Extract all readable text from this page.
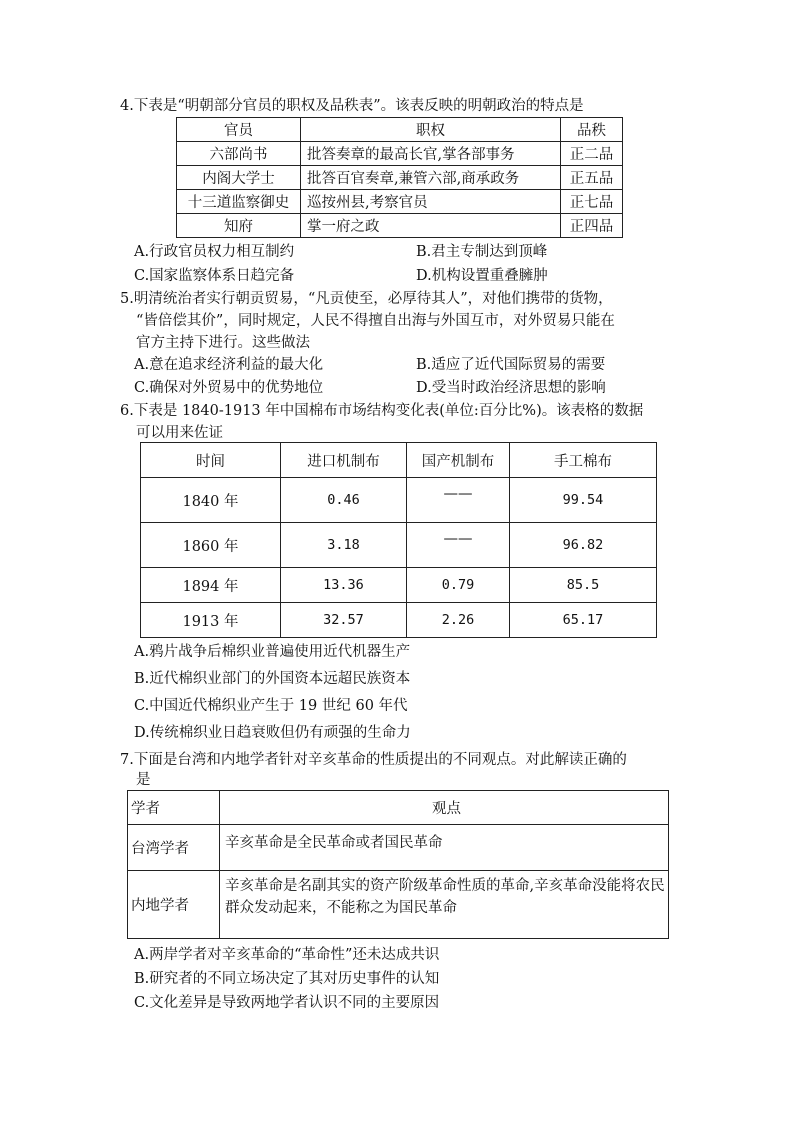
4.下表是“明朝部分官员的职权及品秩表”。该表反映的明朝政治的特点是
官员	职权	品秩
六部尚书	批答奏章的最高长官,掌各部事务	正二品
内阁大学士	批答百官奏章,兼管六部,商承政务	正五品
十三道监察御史	巡按州县,考察官员	正七品
知府	掌一府之政	正四品
A.行政官员权力相互制约	B.君主专制达到顶峰
C.国家监察体系日趋完备	D.机构设置重叠臃肿
5.明清统治者实行朝贡贸易，“凡贡使至，必厚待其人”，对他们携带的货物，
“皆倍偿其价”，同时规定，人民不得擅自出海与外国互市，对外贸易只能在
官方主持下进行。这些做法
A.意在追求经济利益的最大化	B.适应了近代国际贸易的需要
C.确保对外贸易中的优势地位	D.受当时政治经济思想的影响
6.下表是 1840-1913 年中国棉布市场结构变化表(单位:百分比%)。该表格的数据
可以用来佐证
时间	进口机制布	国产机制布	手工棉布
1840 年	0.46	——	99.54
1860 年	3.18	——	96.82
1894 年	13.36	0.79	85.5
1913 年	32.57	2.26	65.17
A.鸦片战争后棉织业普遍使用近代机器生产
B.近代棉织业部门的外国资本远超民族资本
C.中国近代棉织业产生于 19 世纪 60 年代
D.传统棉织业日趋衰败但仍有顽强的生命力
7.下面是台湾和内地学者针对辛亥革命的性质提出的不同观点。对此解读正确的
是
学者	观点
台湾学者	辛亥革命是全民革命或者国民革命
内地学者	辛亥革命是名副其实的资产阶级革命性质的革命,辛亥革命没能将农民群众发动起来，不能称之为国民革命
A.两岸学者对辛亥革命的“革命性”还未达成共识
B.研究者的不同立场决定了其对历史事件的认知
C.文化差异是导致两地学者认识不同的主要原因
